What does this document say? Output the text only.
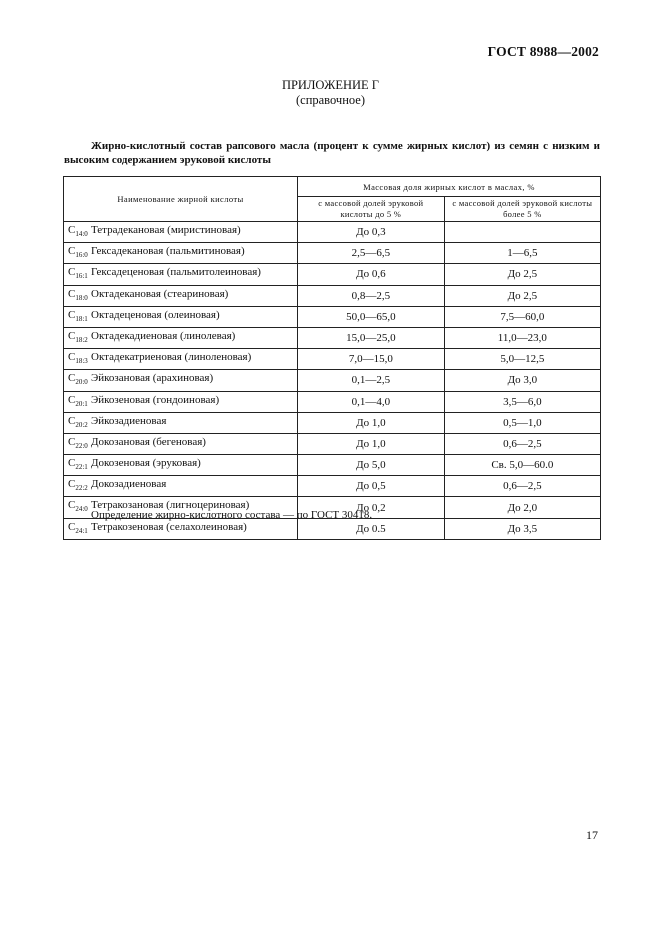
ГОСТ 8988—2002
ПРИЛОЖЕНИЕ Г
(справочное)
Жирно-кислотный состав рапсового масла (процент к сумме жирных кислот) из семян с низким и высоким содержанием эруковой кислоты
Наименование жирной кислоты	Массовая доля жирных кислот в маслах, %	
	с массовой долей эруковой кислоты до 5 %	с массовой долей эруковой кислоты более 5 %
$C_{14:0}$ Тетрадекановая (миристиновая)	До 0,3	
$C_{16:0}$ Гексадекановая (пальмитиновая)	2,5—6,5	1—6,5
$C_{16:1}$ Гексадеценовая (пальмитолеиновая)	До 0,6	До 2,5
$C_{18:0}$ Октадекановая (стеариновая)	0,8—2,5	До 2,5
$C_{18:1}$ Октадеценовая (олеиновая)	50,0—65,0	7,5—60,0
$C_{18:2}$ Октадекадиеновая (линолевая)	15,0—25,0	11,0—23,0
$C_{18:3}$ Октадекатриеновая (линоленовая)	7,0—15,0	5,0—12,5
$C_{20:0}$ Эйкозановая (арахиновая)	0,1—2,5	До 3,0
$C_{20:1}$ Эйкозеновая (гондоиновая)	0,1—4,0	3,5—6,0
$C_{20:2}$ Эйкозадиеновая	До 1,0	0,5—1,0
$C_{22:0}$ Докозановая (бегеновая)	До 1,0	0,6—2,5
$C_{22:1}$ Докозеновая (эруковая)	До 5,0	Св. 5,0—60.0
$C_{22:2}$ Докозадиеновая	До 0,5	0,6—2,5
$C_{24:0}$ Тетракозановая (лигноцериновая)	До 0,2	До 2,0
$C_{24:1}$ Тетракозеновая (селахолеиновая)	До 0.5	До 3,5
Определение жирно-кислотного состава — по ГОСТ 30418.
17
